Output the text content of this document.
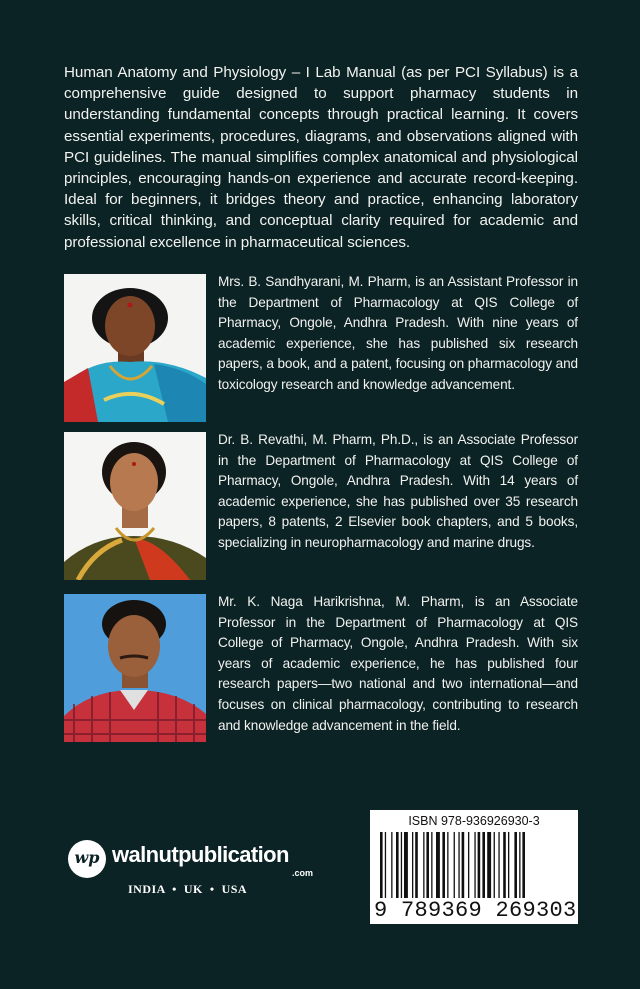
Human Anatomy and Physiology – I Lab Manual (as per PCI Syllabus) is a comprehensive guide designed to support pharmacy students in understanding fundamental concepts through practical learning. It covers essential experiments, procedures, diagrams, and observations aligned with PCI guidelines. The manual simplifies complex anatomical and physiological principles, encouraging hands-on experience and accurate record-keeping. Ideal for beginners, it bridges theory and practice, enhancing laboratory skills, critical thinking, and conceptual clarity required for academic and professional excellence in pharmaceutical sciences.

Mrs. B. Sandhyarani, M. Pharm, is an Assistant Professor in the Department of Pharmacology at QIS College of Pharmacy, Ongole, Andhra Pradesh. With nine years of academic experience, she has published six research papers, a book, and a patent, focusing on pharmacology and toxicology research and knowledge advancement.

Dr. B. Revathi, M. Pharm, Ph.D., is an Associate Professor in the Department of Pharmacology at QIS College of Pharmacy, Ongole, Andhra Pradesh. With 14 years of academic experience, she has published over 35 research papers, 8 patents, 2 Elsevier book chapters, and 5 books, specializing in neuropharmacology and marine drugs.

Mr. K. Naga Harikrishna, M. Pharm, is an Associate Professor in the Department of Pharmacology at QIS College of Pharmacy, Ongole, Andhra Pradesh. With six years of academic experience, he has published four research papers—two national and two international—and focuses on clinical pharmacology, contributing to research and knowledge advancement in the field.

wp walnutpublication
.com
INDIA  •  UK  •  USA
ISBN 978-936926930-3
9 789369 269303
